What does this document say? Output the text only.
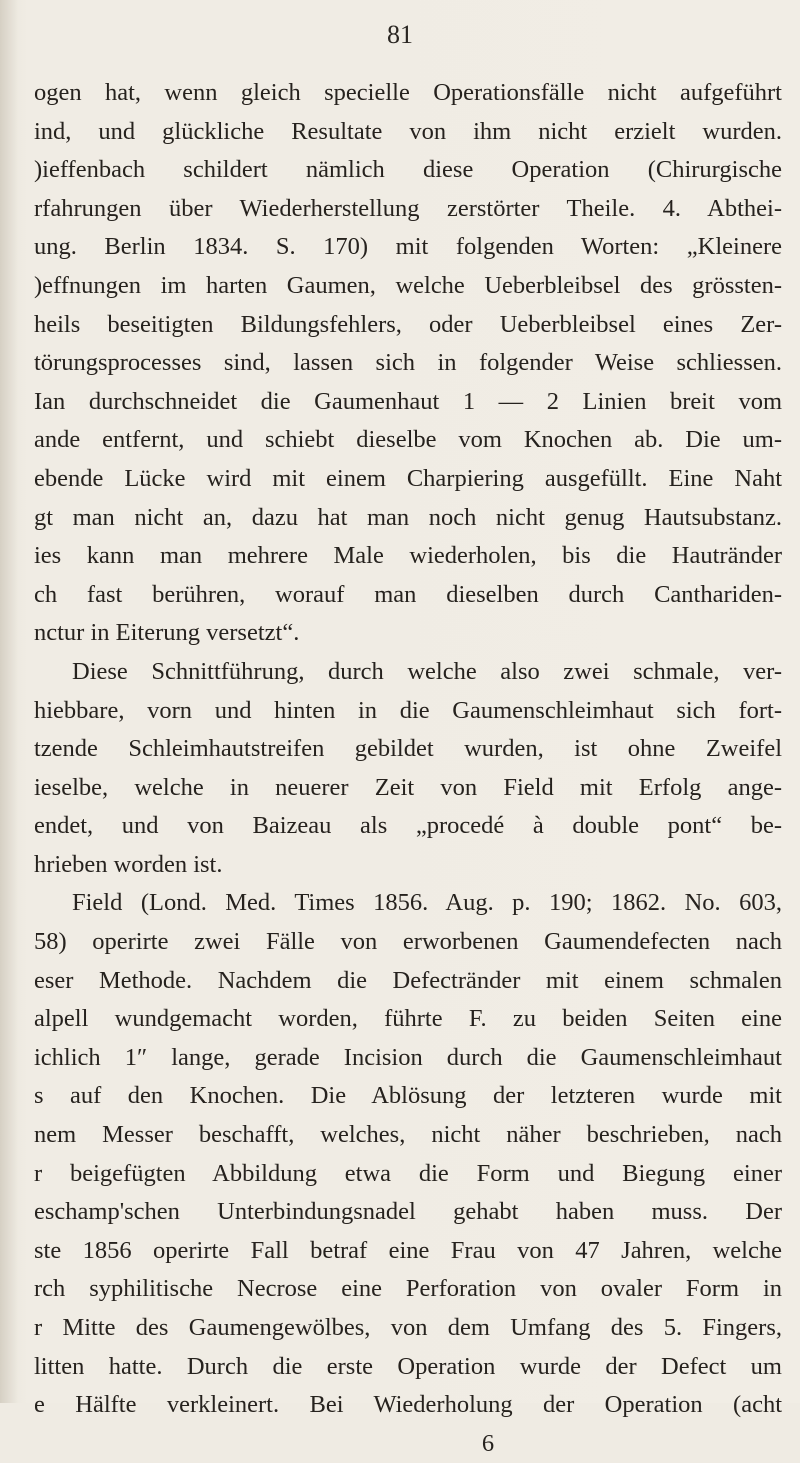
81
ogen hat, wenn gleich specielle Operationsfälle nicht aufgeführt
ind, und glückliche Resultate von ihm nicht erzielt wurden.
)ieffenbach schildert nämlich diese Operation (Chirurgische
rfahrungen über Wiederherstellung zerstörter Theile. 4. Abthei-
ung. Berlin 1834. S. 170) mit folgenden Worten: „Kleinere
)effnungen im harten Gaumen, welche Ueberbleibsel des grössten-
heils beseitigten Bildungsfehlers, oder Ueberbleibsel eines Zer-
törungsprocesses sind, lassen sich in folgender Weise schliessen.
Ian durchschneidet die Gaumenhaut 1 — 2 Linien breit vom
ande entfernt, und schiebt dieselbe vom Knochen ab. Die um-
ebende Lücke wird mit einem Charpiering ausgefüllt. Eine Naht
gt man nicht an, dazu hat man noch nicht genug Hautsubstanz.
ies kann man mehrere Male wiederholen, bis die Hautränder
ch fast berühren, worauf man dieselben durch Canthariden-
nctur in Eiterung versetzt“.
Diese Schnittführung, durch welche also zwei schmale, ver-
hiebbare, vorn und hinten in die Gaumenschleimhaut sich fort-
tzende Schleimhautstreifen gebildet wurden, ist ohne Zweifel
ieselbe, welche in neuerer Zeit von Field mit Erfolg ange-
endet, und von Baizeau als „procedé à double pont“ be-
hrieben worden ist.
Field (Lond. Med. Times 1856. Aug. p. 190; 1862. No. 603,
58) operirte zwei Fälle von erworbenen Gaumendefecten nach
eser Methode. Nachdem die Defectränder mit einem schmalen
alpell wundgemacht worden, führte F. zu beiden Seiten eine
ichlich 1″ lange, gerade Incision durch die Gaumenschleimhaut
s auf den Knochen. Die Ablösung der letzteren wurde mit
nem Messer beschafft, welches, nicht näher beschrieben, nach
r beigefügten Abbildung etwa die Form und Biegung einer
eschamp'schen Unterbindungsnadel gehabt haben muss. Der
ste 1856 operirte Fall betraf eine Frau von 47 Jahren, welche
rch syphilitische Necrose eine Perforation von ovaler Form in
r Mitte des Gaumengewölbes, von dem Umfang des 5. Fingers,
litten hatte. Durch die erste Operation wurde der Defect um
e Hälfte verkleinert. Bei Wiederholung der Operation (acht
6
